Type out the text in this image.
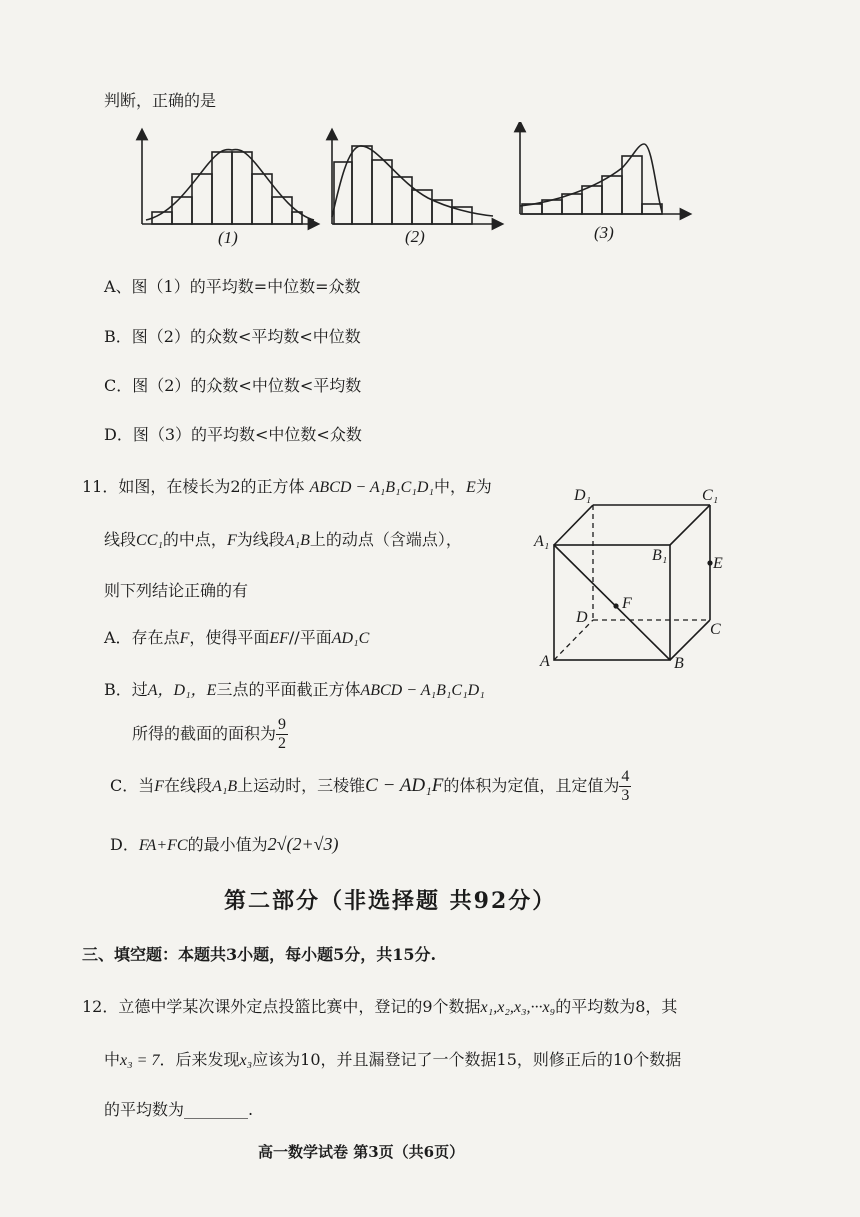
判断，正确的是
(1)	(2)	(3)
A、图（1）的平均数=中位数=众数
B．图（2）的众数<平均数<中位数
C．图（2）的众数<中位数<平均数
D．图（3）的平均数<中位数<众数
11．如图，在棱长为2的正方体 ABCD − A₁B₁C₁D₁中，E为
线段CC₁的中点，F为线段A₁B上的动点（含端点），
则下列结论正确的有
A．存在点F，使得平面EF//平面AD₁C
B．过A，D₁，E三点的平面截正方体ABCD − A₁B₁C₁D₁
所得的截面的面积为 $\frac{9}{2}$
C．当F在线段A₁B上运动时，三棱锥C − AD₁F的体积为定值，且定值为 $\frac{4}{3}$
D．FA+FC的最小值为2√(2+√3)
D₁	C₁
A₁
B₁	E
D
F
C
A	B
第二部分（非选择题 共92分）
三、填空题：本题共3小题，每小题5分，共15分.
12．立德中学某次课外定点投篮比赛中，登记的9个数据x₁,x₂,x₃,···x₉的平均数为8，其
中x₃ = 7．后来发现x₃应该为10，并且漏登记了一个数据15，则修正后的10个数据
的平均数为________.
高一数学试卷 第3页（共6页）
